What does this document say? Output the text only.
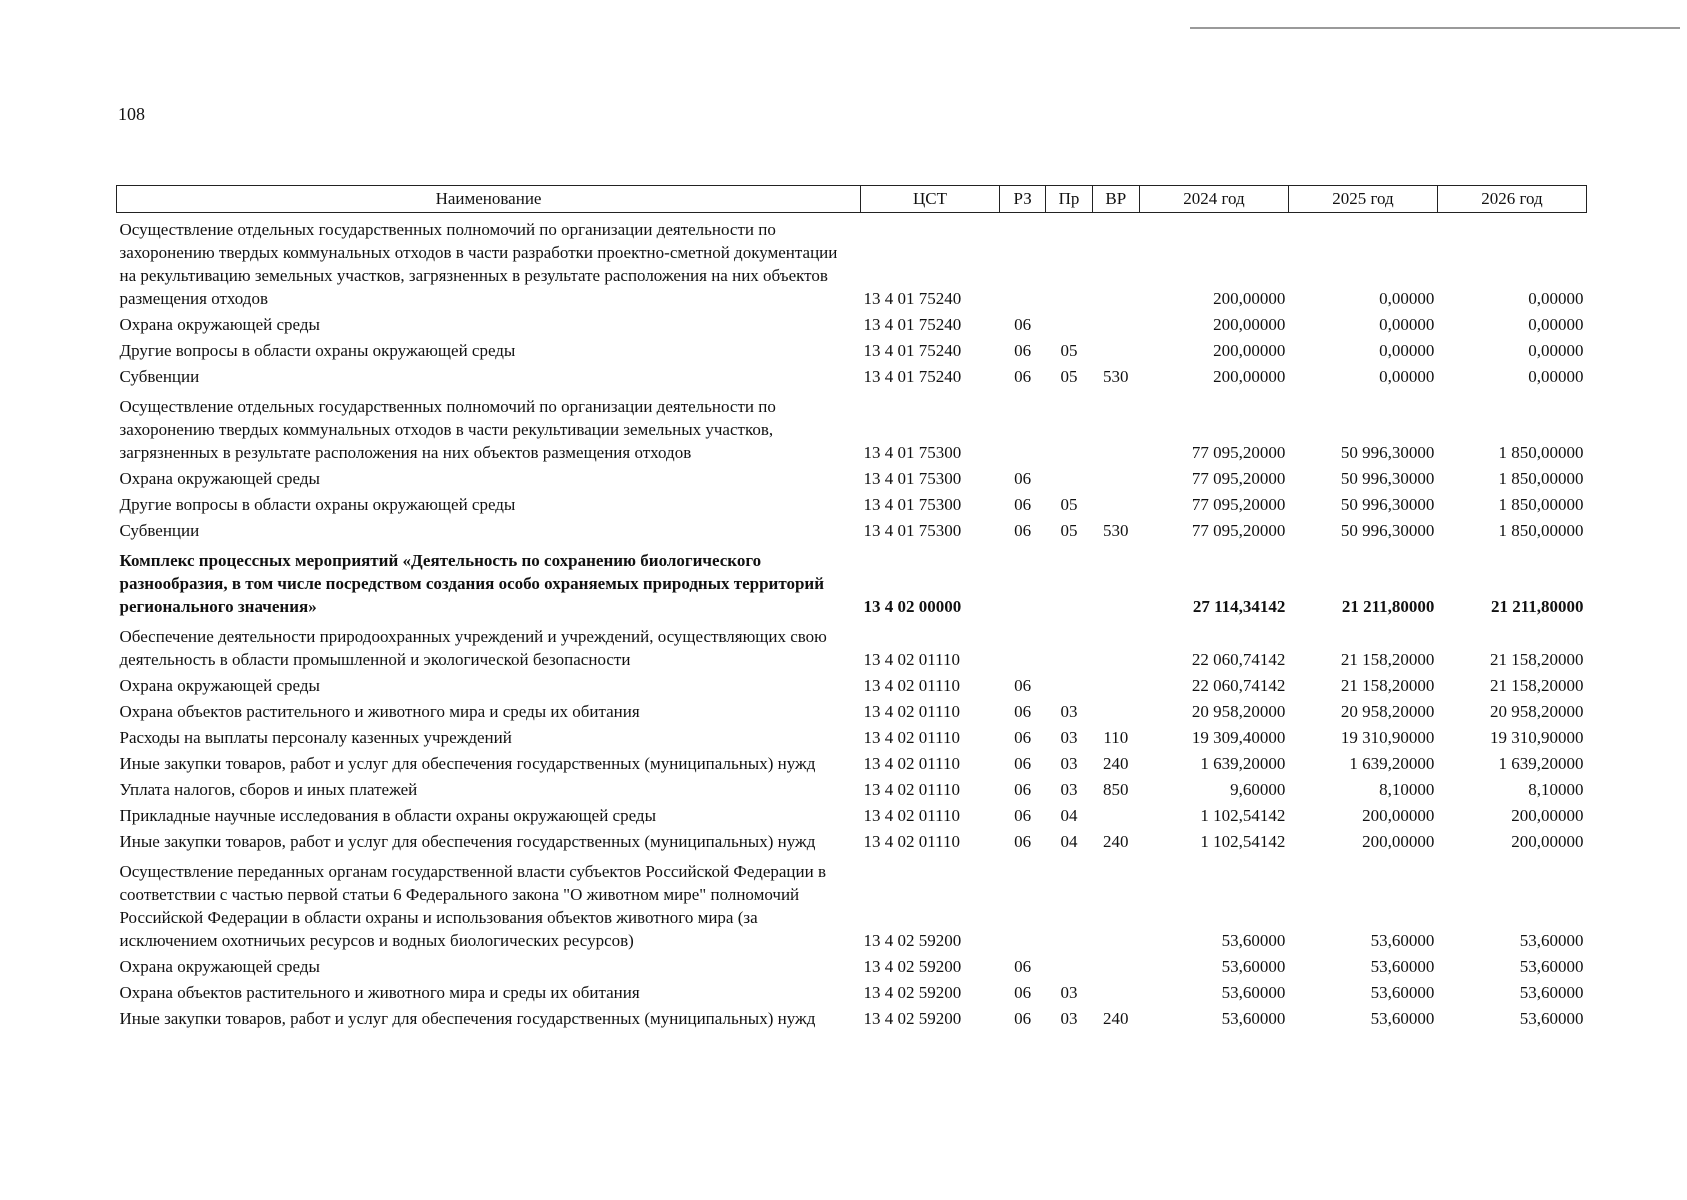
108
Наименование	ЦСТ	РЗ	Пр	ВР	2024 год	2025 год	2026 год
Осуществление отдельных государственных полномочий по организации деятельности по захоронению твердых коммунальных отходов в части разработки проектно-сметной документации на рекультивацию земельных участков, загрязненных в результате расположения на них объектов размещения отходов	13 4 01 75240				200,00000	0,00000	0,00000
Охрана окружающей среды	13 4 01 75240	06			200,00000	0,00000	0,00000
Другие вопросы в области охраны окружающей среды	13 4 01 75240	06	05		200,00000	0,00000	0,00000
Субвенции	13 4 01 75240	06	05	530	200,00000	0,00000	0,00000
Осуществление отдельных государственных полномочий по организации деятельности по захоронению твердых коммунальных отходов в части рекультивации земельных участков, загрязненных в результате расположения на них объектов размещения отходов	13 4 01 75300				77 095,20000	50 996,30000	1 850,00000
Охрана окружающей среды	13 4 01 75300	06			77 095,20000	50 996,30000	1 850,00000
Другие вопросы в области охраны окружающей среды	13 4 01 75300	06	05		77 095,20000	50 996,30000	1 850,00000
Субвенции	13 4 01 75300	06	05	530	77 095,20000	50 996,30000	1 850,00000
Комплекс процессных мероприятий «Деятельность по сохранению биологического разнообразия, в том числе посредством создания особо охраняемых природных территорий регионального значения»	13 4 02 00000				27 114,34142	21 211,80000	21 211,80000
Обеспечение деятельности природоохранных учреждений и учреждений, осуществляющих свою деятельность в области промышленной и экологической безопасности	13 4 02 01110				22 060,74142	21 158,20000	21 158,20000
Охрана окружающей среды	13 4 02 01110	06			22 060,74142	21 158,20000	21 158,20000
Охрана объектов растительного и животного мира и среды их обитания	13 4 02 01110	06	03		20 958,20000	20 958,20000	20 958,20000
Расходы на выплаты персоналу казенных учреждений	13 4 02 01110	06	03	110	19 309,40000	19 310,90000	19 310,90000
Иные закупки товаров, работ и услуг для обеспечения государственных (муниципальных) нужд	13 4 02 01110	06	03	240	1 639,20000	1 639,20000	1 639,20000
Уплата налогов, сборов и иных платежей	13 4 02 01110	06	03	850	9,60000	8,10000	8,10000
Прикладные научные исследования в области охраны окружающей среды	13 4 02 01110	06	04		1 102,54142	200,00000	200,00000
Иные закупки товаров, работ и услуг для обеспечения государственных (муниципальных) нужд	13 4 02 01110	06	04	240	1 102,54142	200,00000	200,00000
Осуществление переданных органам государственной власти субъектов Российской Федерации в соответствии с частью первой статьи 6 Федерального закона "О животном мире" полномочий Российской Федерации в области охраны и использования объектов животного мира (за исключением охотничьих ресурсов и водных биологических ресурсов)	13 4 02 59200				53,60000	53,60000	53,60000
Охрана окружающей среды	13 4 02 59200	06			53,60000	53,60000	53,60000
Охрана объектов растительного и животного мира и среды их обитания	13 4 02 59200	06	03		53,60000	53,60000	53,60000
Иные закупки товаров, работ и услуг для обеспечения государственных (муниципальных) нужд	13 4 02 59200	06	03	240	53,60000	53,60000	53,60000
